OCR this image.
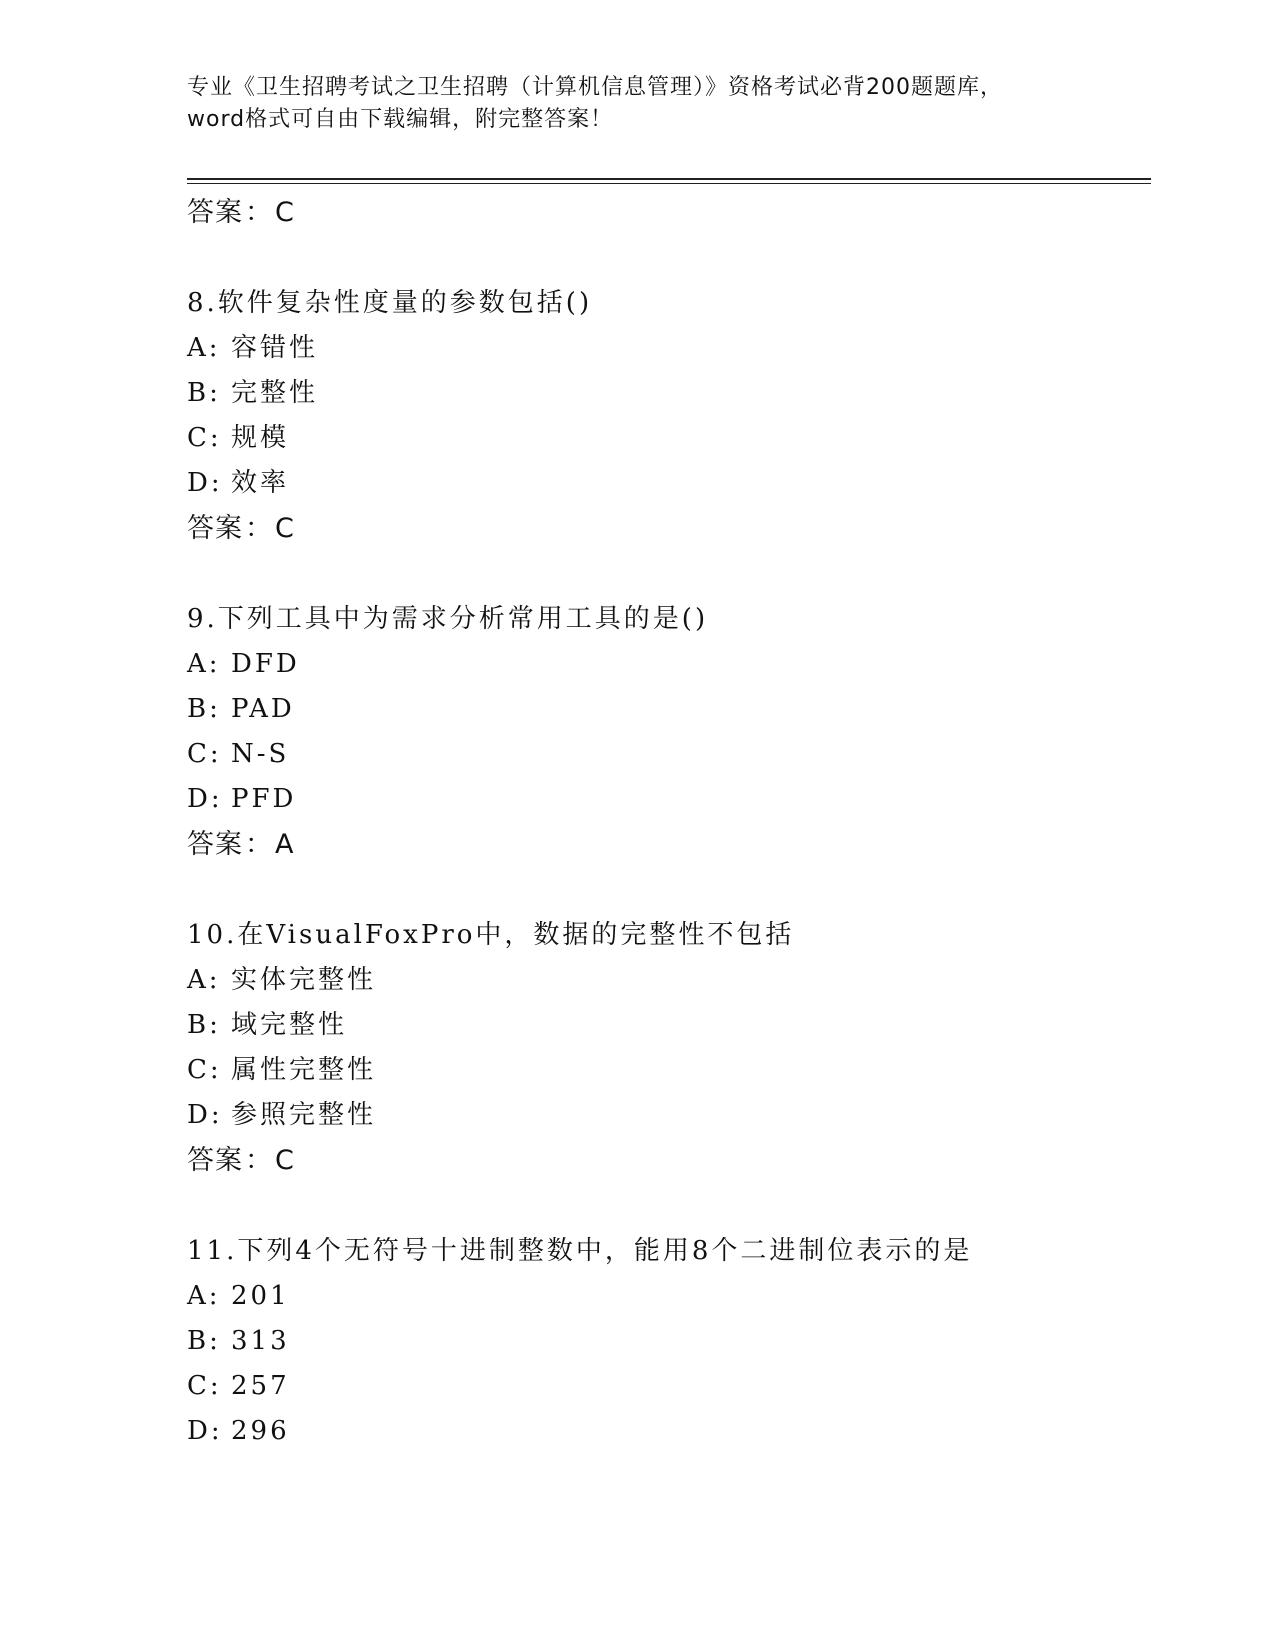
专业《卫生招聘考试之卫生招聘（计算机信息管理）》资格考试必背200题题库，
word格式可自由下载编辑，附完整答案！
答案：C
8.软件复杂性度量的参数包括()
A: 容错性
B: 完整性
C: 规模
D: 效率
答案：C
9.下列工具中为需求分析常用工具的是()
A: DFD
B: PAD
C: N-S
D: PFD
答案：A
10.在VisualFoxPro中，数据的完整性不包括
A: 实体完整性
B: 域完整性
C: 属性完整性
D: 参照完整性
答案：C
11.下列4个无符号十进制整数中，能用8个二进制位表示的是
A: 201
B: 313
C: 257
D: 296
